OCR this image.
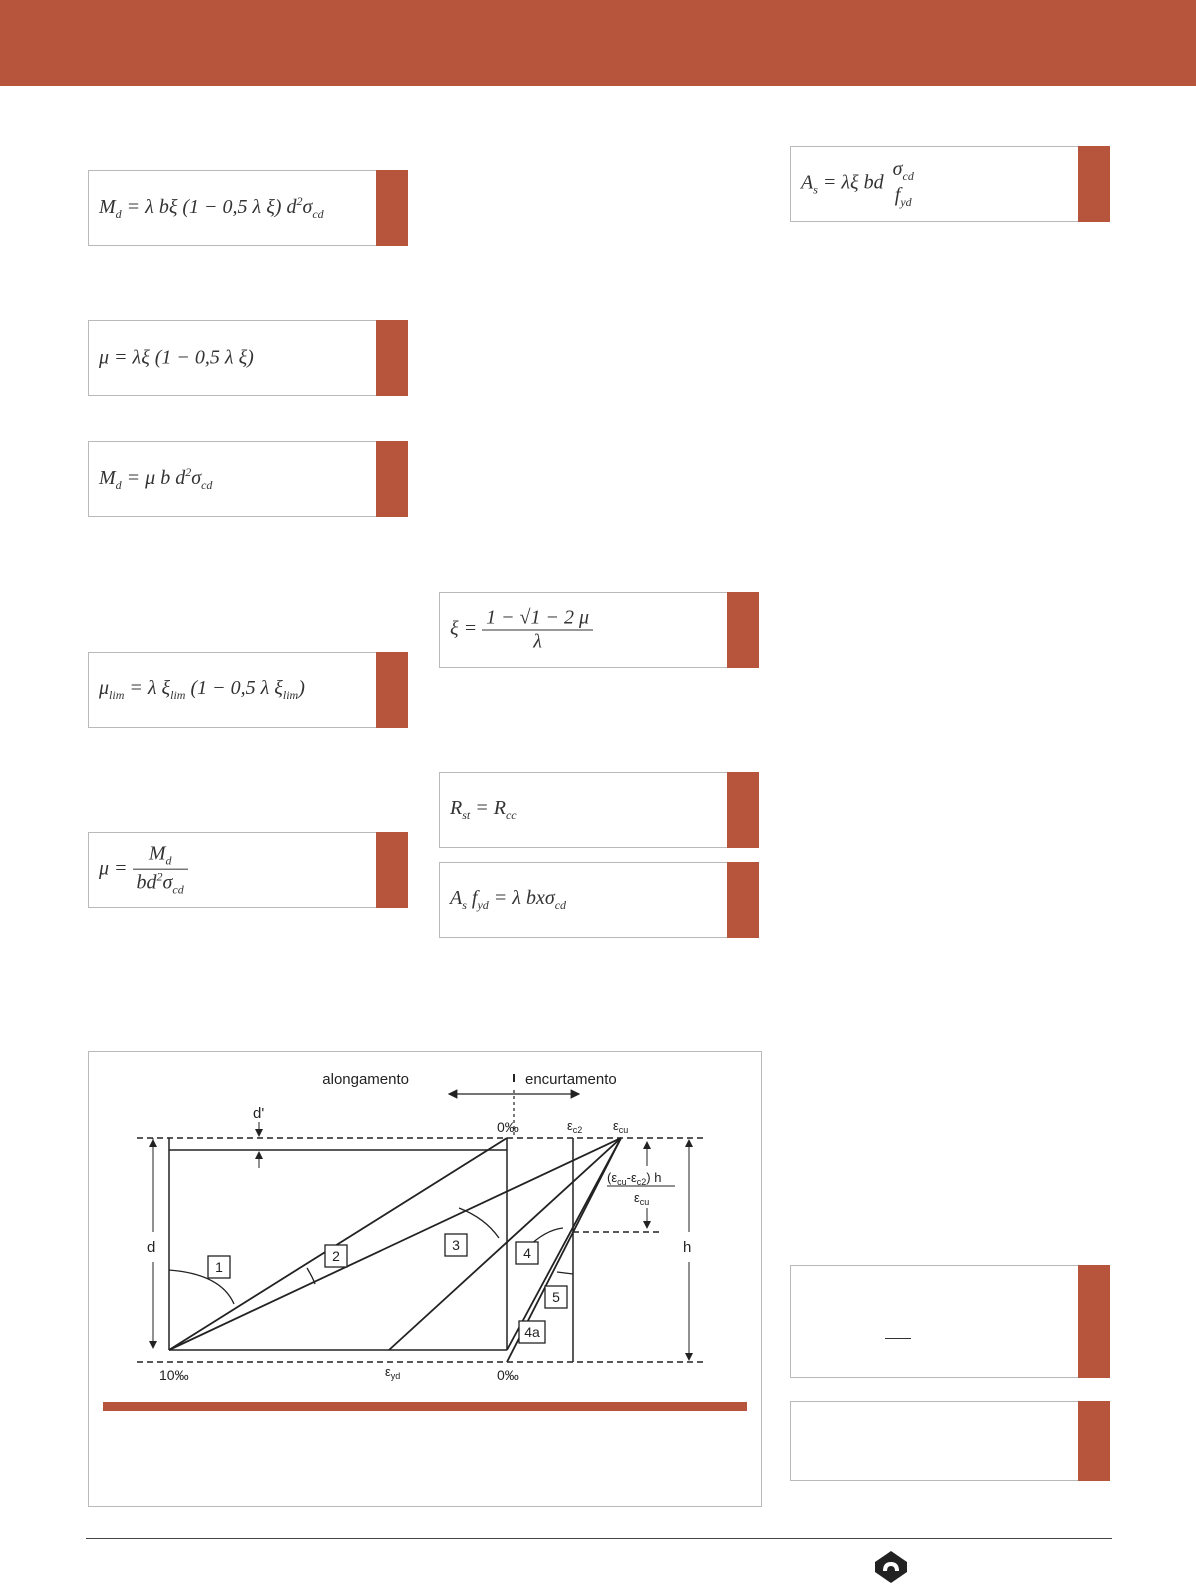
$M_d = \lambda$ bξ (1 − 0,5 λ ξ) $d^2\sigma_{cd}$
μ = λξ (1 − 0,5 λ ξ)
$M_d = \mu$ b $d^2\sigma_{cd}$
$\mu_{lim} = \lambda$ $\xi_{lim}$ (1 − 0,5 λ $\xi_{lim}$)
$\mu = \frac{M_d}{bd^2\sigma_{cd}}$
$\xi = \frac{1 - √1 - 2 \mu}{\lambda}$
$R_{st} = R_{cc}$
$A_s$ $f_{yd} = \lambda$ bxσ$_{cd}$
$A_s = \lambda\xi$ bd
$\sigma_{cd}$
$f_{yd}$
alongamento	encurtamento
d'
d	h
0‰	$\varepsilon_{c2}$ $\varepsilon_{cu}$
1
2
3	4
5
4a
$(\varepsilon_{cu}-\varepsilon_{c2})$ h
$\varepsilon_{cu}$
10‰	$\varepsilon_{yd}$	0‰
